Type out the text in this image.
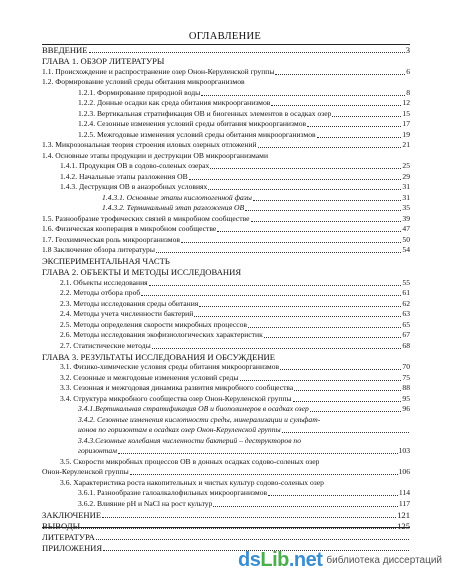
ОГЛАВЛЕНИЕ
ВВЕДЕНИЕ	3
ГЛАВА 1. ОБЗОР ЛИТЕРАТУРЫ
1.1. Происхождение и распространение озер Онон-Керуленской группы	6
1.2. Формирование условий среды обитания микроорганизмов
1.2.1. Формирование природной воды	8
1.2.2. Донные осадки как среда обитания микроорганизмов	12
1.2.3. Вертикальная стратификация ОВ и биогенных элементов в осадках озер	15
1.2.4. Сезонные изменения условий среды обитания микроорганизмов	17
1.2.5. Межгодовые изменения условий среды обитания микроорганизмов	19
1.3. Микрозональная теория строения иловых озерных отложений	21
1.4. Основные этапы продукции и деструкции ОВ микроорганизмами
1.4.1. Продукция ОВ в содово-соленых озерах	25
1.4.2. Начальные этапы разложения ОВ	29
1.4.3. Деструкция ОВ в анаэробных условиях	31
1.4.3.1. Основные этапы кислотогенной фазы	31
1.4.3.2. Терминальный этап разложения ОВ	35
1.5. Разнообразие трофических связей в микробном сообществе	39
1.6. Физическая кооперация в микробном сообществе	47
1.7. Геохимическая роль микроорганизмов	50
1.8 Заключение обзора литературы	54
ЭКСПЕРИМЕНТАЛЬНАЯ ЧАСТЬ
ГЛАВА 2. ОБЪЕКТЫ И МЕТОДЫ ИССЛЕДОВАНИЯ
2.1. Объекты исследования	55
2.2. Методы отбора проб	61
2.3. Методы исследования среды обитания	62
2.4. Методы учета численности бактерий	63
2.5. Методы определения скорости микробных процессов	65
2.6. Методы исследования экофизиологических характеристик	67
2.7. Статистические методы	68
ГЛАВА 3. РЕЗУЛЬТАТЫ ИССЛЕДОВАНИЯ И ОБСУЖДЕНИЕ
3.1. Физико-химические условия среды обитания микроорганизмов	70
3.2. Сезонные и межгодовые изменения условий среды	75
3.3. Сезонная и межгодовая динамика развития микробного сообщества	88
3.4. Структура микробного сообщества озер Онон-Керуленской группы	95
3.4.1.Вертикальная стратификация ОВ и биополимеров в осадках озер	96
3.4.2. Сезонные изменения кислотности среды, минерализации и сульфат-
ионов по горизонтам в осадках озер Онон-Керуленской группы
3.4.3.Сезонные колебания численности бактерий – деструкторов по
горизонтам	103
3.5. Скорости микробных процессов ОВ в донных осадках содово-соленых озер
Онон-Керуленской группы	106
3.6. Характеристика роста накопительных и чистых культур содово-соленых озер
3.6.1. Разнообразие галоалкалофильных микроорганизмов	114
3.6.2. Влияние pH и NaCl на рост культур	117
ЗАКЛЮЧЕНИЕ	121
ВЫВОДЫ	125
ЛИТЕРАТУРА
ПРИЛОЖЕНИЯ
dsLib.net библиотека диссертаций
